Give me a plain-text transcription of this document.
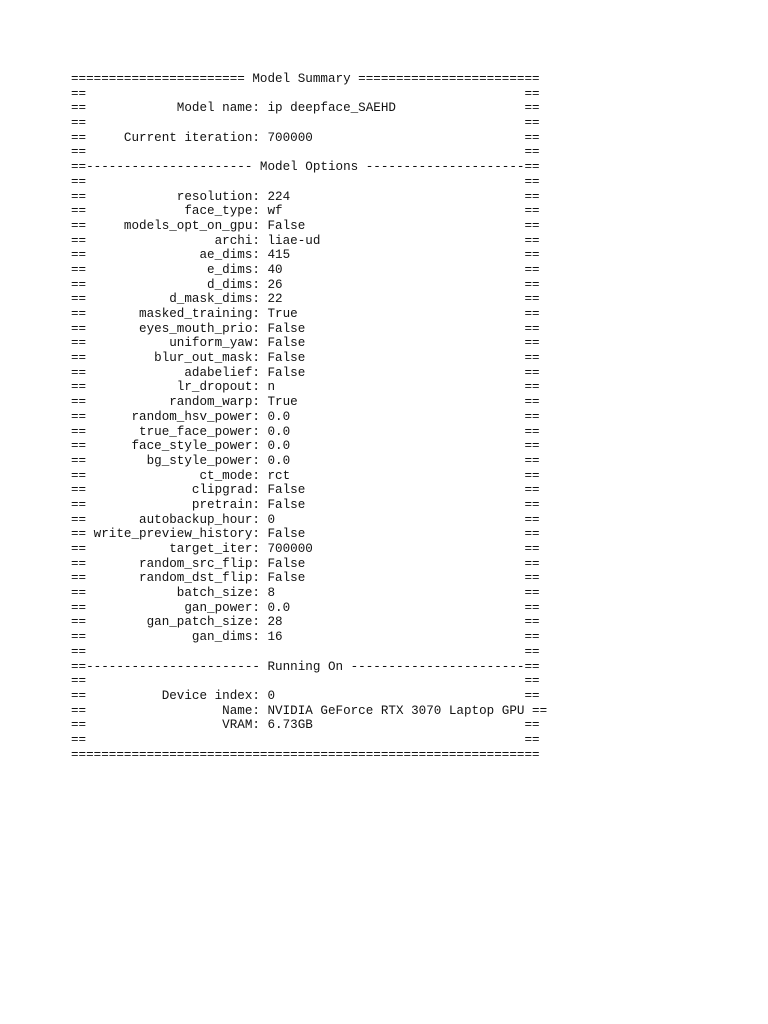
======================= Model Summary ========================
==                                                          ==
==            Model name: ip deepface_SAEHD                 ==
==                                                          ==
==     Current iteration: 700000                            ==
==                                                          ==
==---------------------- Model Options ---------------------==
==                                                          ==
==            resolution: 224                               ==
==             face_type: wf                                ==
==     models_opt_on_gpu: False                             ==
==                 archi: liae-ud                           ==
==               ae_dims: 415                               ==
==                e_dims: 40                                ==
==                d_dims: 26                                ==
==           d_mask_dims: 22                                ==
==       masked_training: True                              ==
==       eyes_mouth_prio: False                             ==
==           uniform_yaw: False                             ==
==         blur_out_mask: False                             ==
==             adabelief: False                             ==
==            lr_dropout: n                                 ==
==           random_warp: True                              ==
==      random_hsv_power: 0.0                               ==
==       true_face_power: 0.0                               ==
==      face_style_power: 0.0                               ==
==        bg_style_power: 0.0                               ==
==               ct_mode: rct                               ==
==              clipgrad: False                             ==
==              pretrain: False                             ==
==       autobackup_hour: 0                                 ==
== write_preview_history: False                             ==
==           target_iter: 700000                            ==
==       random_src_flip: False                             ==
==       random_dst_flip: False                             ==
==            batch_size: 8                                 ==
==             gan_power: 0.0                               ==
==        gan_patch_size: 28                                ==
==              gan_dims: 16                                ==
==                                                          ==
==----------------------- Running On -----------------------==
==                                                          ==
==          Device index: 0                                 ==
==                  Name: NVIDIA GeForce RTX 3070 Laptop GPU ==
==                  VRAM: 6.73GB                            ==
==                                                          ==
==============================================================
